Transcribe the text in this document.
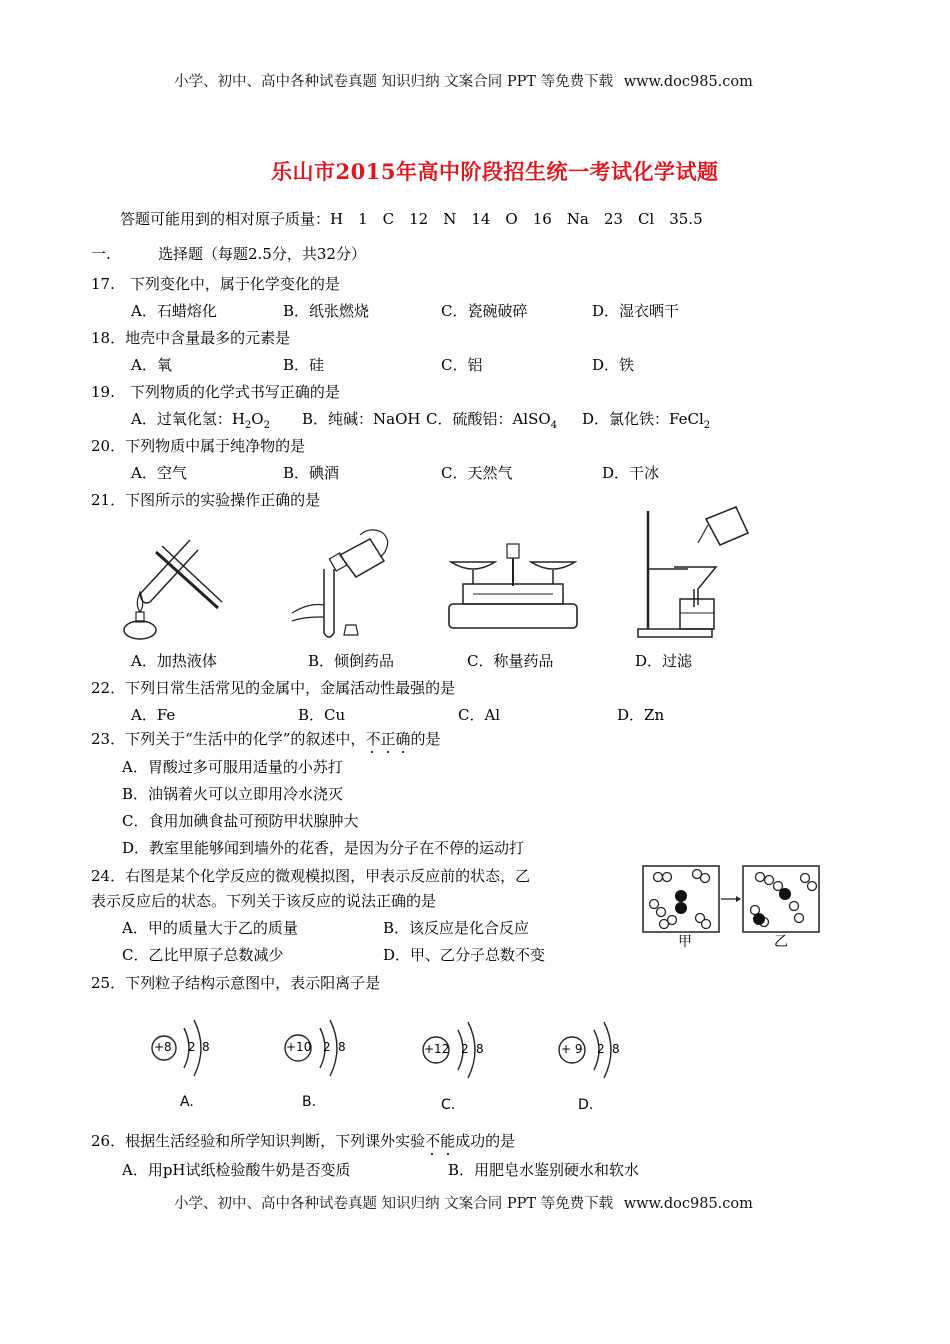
小学、初中、高中各种试卷真题 知识归纳 文案合同 PPT 等免费下载 www.doc985.com
乐山市2015年高中阶段招生统一考试化学试题
答题可能用到的相对原子质量：H　1　C　12　N　14　O　16　Na　23　Cl　35.5
一.	选择题（每题2.5分，共32分）
17.　下列变化中，属于化学变化的是
A．石蜡熔化	B．纸张燃烧	C．瓷碗破碎	D．湿衣晒干
18．地壳中含量最多的元素是
A．氧	B．硅	C．铝	D．铁
19.　下列物质的化学式书写正确的是
A．过氧化氢：$H_2O_2$ B．纯碱：NaOH C．硫酸铝：AlSO$_4$ D．氯化铁：FeCl$_2$
20．下列物质中属于纯净物的是
A．空气	B．碘酒	C．天然气	D．干冰
21．下图所示的实验操作正确的是
A．加热液体	B．倾倒药品	C．称量药品	D．过滤
22．下列日常生活常见的金属中，金属活动性最强的是
A．Fe	B．Cu	C．Al	D．Zn
23．下列关于“生活中的化学”的叙述中，不正确
的是
A．胃酸过多可服用适量的小苏打
B．油锅着火可以立即用冷水浇灭
C．食用加碘食盐可预防甲状腺肿大
D．教室里能够闻到墙外的花香，是因为分子在不停的运动打
24．右图是某个化学反应的微观模拟图，甲表示反应前的状态，乙
表示反应后的状态。下列关于该反应的说法正确的是
A．甲的质量大于乙的质量	B．该反应是化合反应
C．乙比甲原子总数减少	D．甲、乙分子总数不变
甲	乙
25．下列粒子结构示意图中，表示阳离子是
+8 2 8
A.
+10 2 8
B.
+12 2 8
C.
+ 9 2 8
D.
26．根据生活经验和所学知识判断，下列课外实验不能
成功的是
A．用pH试纸检验酸牛奶是否变质	B．用肥皂水鉴别硬水和软水
小学、初中、高中各种试卷真题 知识归纳 文案合同 PPT 等免费下载 www.doc985.com
